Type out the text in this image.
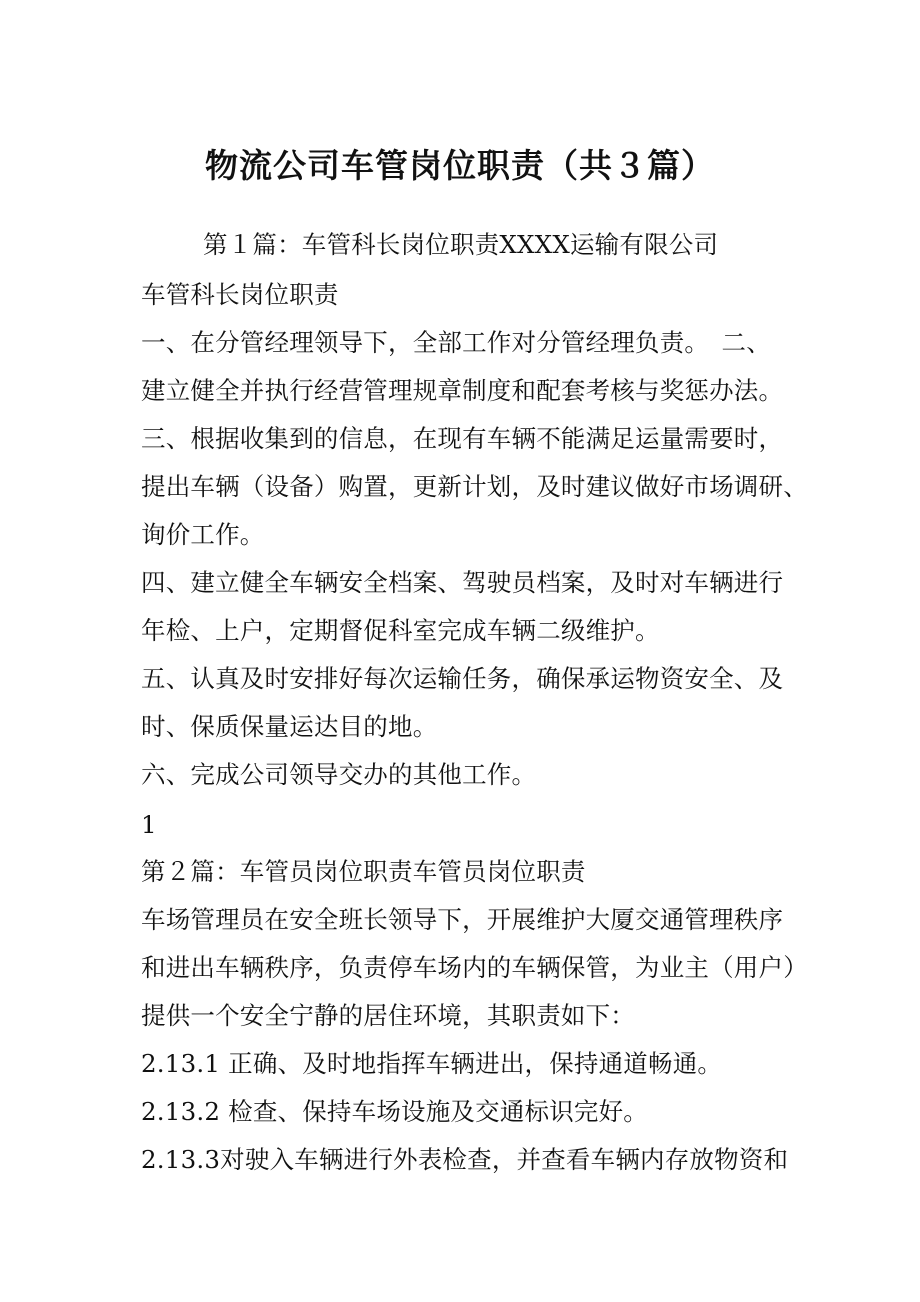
物流公司车管岗位职责（共３篇）
第１篇：车管科长岗位职责XXXX运输有限公司
车管科长岗位职责
一、在分管经理领导下，全部工作对分管经理负责。　二、
建立健全并执行经营管理规章制度和配套考核与奖惩办法。
三、根据收集到的信息，在现有车辆不能满足运量需要时，
提出车辆（设备）购置，更新计划，及时建议做好市场调研、
询价工作。
四、建立健全车辆安全档案、驾驶员档案，及时对车辆进行
年检、上户，定期督促科室完成车辆二级维护。
五、认真及时安排好每次运输任务，确保承运物资安全、及
时、保质保量运达目的地。
六、完成公司领导交办的其他工作。
1
第２篇：车管员岗位职责车管员岗位职责
车场管理员在安全班长领导下，开展维护大厦交通管理秩序
和进出车辆秩序，负责停车场内的车辆保管，为业主（用户）
提供一个安全宁静的居住环境，其职责如下：
2.13.1 正确、及时地指挥车辆进出，保持通道畅通。
2.13.2 检查、保持车场设施及交通标识完好。
2.13.3对驶入车辆进行外表检查，并查看车辆内存放物资和
